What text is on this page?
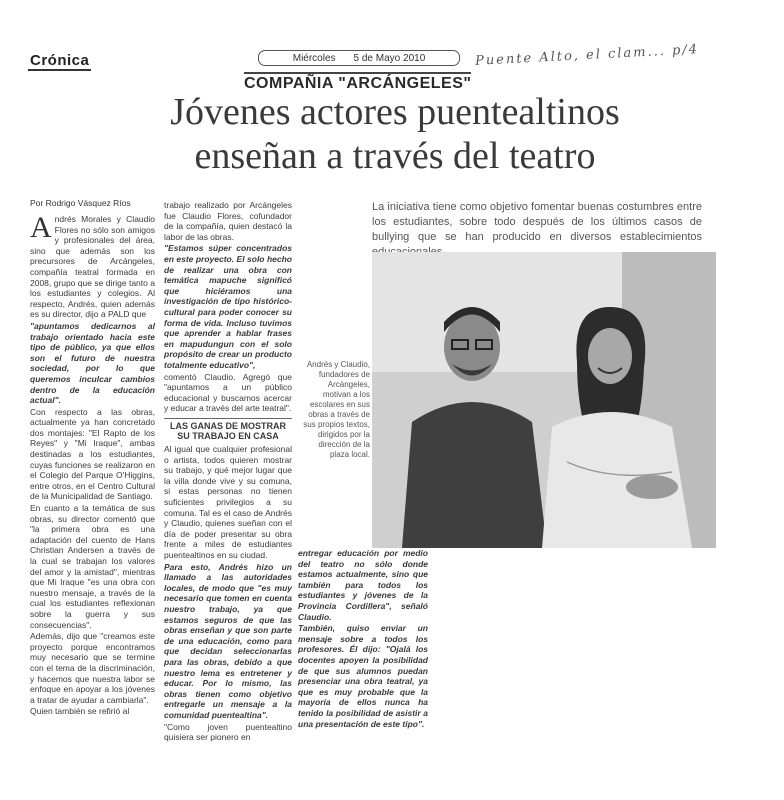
Crónica	Miércoles 5 de Mayo 2010	Puente Alto, el clam... p/4
COMPAÑIA "ARCÁNGELES"
Jóvenes actores puentealtinos
enseñan a través del teatro
Por Rodrigo Vásquez Ríos

Andrés Morales y Claudio Flores no sólo son amigos y profesionales del área, sino que además son los precursores de Arcángeles, compañía teatral formada en 2008, grupo que se dirige tanto a los estudiantes y colegios. Al respecto, Andrés, quien además es su director, dijo a PALD que

"apuntamos dedicarnos al trabajo orientado hacia este tipo de público, ya que ellos son el futuro de nuestra sociedad, por lo que queremos inculcar cambios dentro de la educación actual".

Con respecto a las obras, actualmente ya han concretado dos montajes: "El Rapto de los Reyes" y "Mi Iraque", ambas destinadas a los estudiantes, cuyas funciones se realizaron en el Colegio del Parque O'Higgins, entre otros, en el Centro Cultural de la Municipalidad de Santiago.

En cuanto a la temática de sus obras, su director comentó que "la primera obra es una adaptación del cuento de Hans Christian Andersen a través de la cual se trabajan los valores del amor y la amistad", mientras que Mi Iraque "es una obra con nuestro mensaje, a través de la cual los estudiantes reflexionan sobre la guerra y sus consecuencias".

Además, dijo que "creamos este proyecto porque encontramos muy necesario que se termine con el tema de la discriminación, y hacemos que nuestra labor se enfoque en apoyar a los jóvenes a tratar de ayudar a cambiarla".

Quien también se refirió al

trabajo realizado por Arcángeles fue Claudio Flores, cofundador de la compañía, quien destacó la labor de las obras.

"Estamos súper concentrados en este proyecto. El solo hecho de realizar una obra con temática mapuche significó que hiciéramos una investigación de tipo histórico-cultural para poder conocer su forma de vida. Incluso tuvimos que aprender a hablar frases en mapudungun con el solo propósito de crear un producto totalmente educativo",

comentó Claudio. Agregó que "apuntamos a un público educacional y buscamos acercar y educar a través del arte teatral".

LAS GANAS DE MOSTRAR SU TRABAJO EN CASA

Al igual que cualquier profesional o artista, todos quieren mostrar su trabajo, y qué mejor lugar que la villa donde vive y su comuna, si estas personas no tienen suficientes privilegios a su comuna. Tal es el caso de Andrés y Claudio, quienes sueñan con el día de poder presentar su obra frente a miles de estudiantes puentealtinos en su ciudad.

Para esto, Andrés hizo un llamado a las autoridades locales, de modo que "es muy necesario que tomen en cuenta nuestro trabajo, ya que estamos seguros de que las obras enseñan y que son parte de una educación, como para que decidan seleccionarlas para las obras, debido a que nuestro lema es entretener y educar. Por lo mismo, las obras tienen como objetivo entregarle un mensaje a la comunidad puentealtina".

"Como joven puentealtino quisiera ser pionero en

La iniciativa tiene como objetivo fomentar buenas costumbres entre los estudiantes, sobre todo después de los últimos casos de bullying que se han producido en diversos establecimientos
Andrés y Claudio, fundadores de Arcángeles, motivan a los escolares en sus obras a través de sus propios textos, dirigidos por la dirección de la plaza local.

entregar educación por medio del teatro no sólo donde estamos actualmente, sino que también para todos los estudiantes y jóvenes de la Provincia Cordillera", señaló Claudio.

También, quiso enviar un mensaje sobre a todos los profesores. Él dijo: "Ojalá los docentes apoyen la posibilidad de que sus alumnos puedan presenciar una obra teatral, ya que es muy probable que la mayoría de ellos nunca ha tenido la posibilidad de asistir a una presentación de este tipo".
